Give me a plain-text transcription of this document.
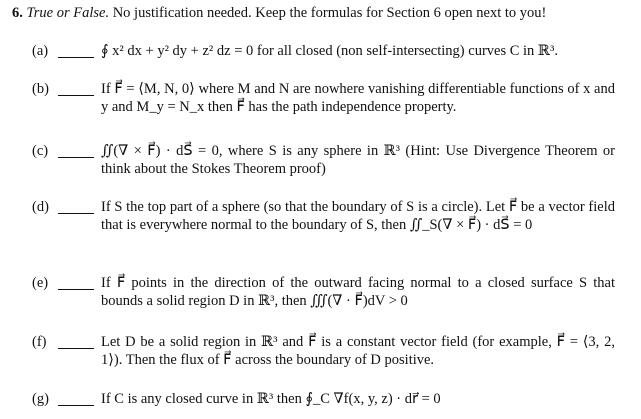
6. True or False. No justification needed. Keep the formulas for Section 6 open next to you!
(a)	∮ x² dx + y² dy + z² dz = 0 for all closed (non self-intersecting) curves C in ℝ³.
(b)	If F⃗ = ⟨M, N, 0⟩ where M and N are nowhere vanishing differentiable functions of x and y and M_y = N_x then F⃗ has the path independence property.
(c)	∬(∇ × F⃗) · dS⃗ = 0, where S is any sphere in ℝ³ (Hint: Use Divergence Theorem or think about the Stokes Theorem proof)
(d)	If S the top part of a sphere (so that the boundary of S is a circle). Let F⃗ be a vector field that is everywhere normal to the boundary of S, then ∬_S(∇ × F⃗) · dS⃗ = 0
(e)	If F⃗ points in the direction of the outward facing normal to a closed surface S that bounds a solid region D in ℝ³, then ∭(∇ · F⃗)dV > 0
(f)	Let D be a solid region in ℝ³ and F⃗ is a constant vector field (for example, F⃗ = ⟨3, 2, 1⟩). Then the flux of F⃗ across the boundary of D positive.
(g)	If C is any closed curve in ℝ³ then ∮_C ∇f(x, y, z) · dr⃗ = 0
